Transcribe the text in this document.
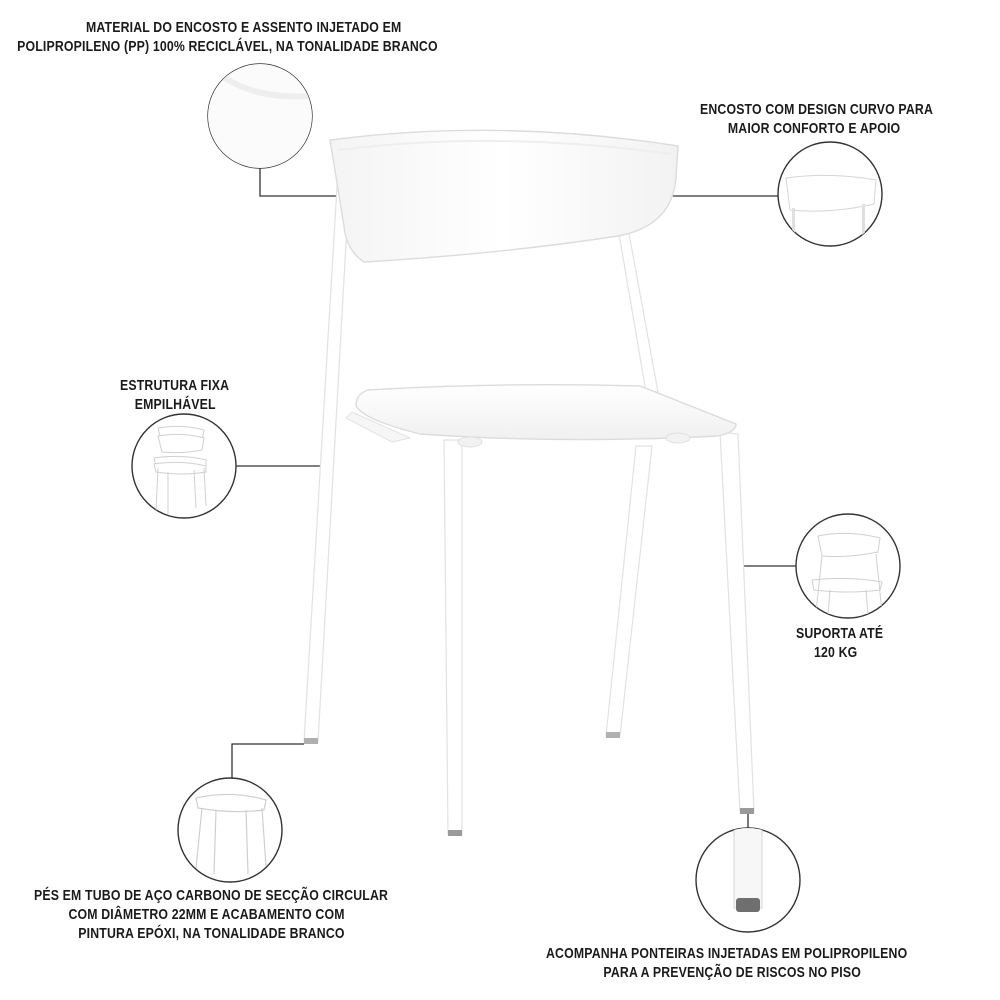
MATERIAL DO ENCOSTO E ASSENTO INJETADO EM
POLIPROPILENO (PP) 100% RECICLÁVEL, NA TONALIDADE BRANCO
ENCOSTO COM DESIGN CURVO PARA
MAIOR CONFORTO E APOIO
ESTRUTURA FIXA
EMPILHÁVEL
SUPORTA ATÉ
120 KG
PÉS EM TUBO DE AÇO CARBONO DE SECÇÃO CIRCULAR
COM DIÂMETRO 22MM E ACABAMENTO COM
PINTURA EPÓXI, NA TONALIDADE BRANCO
ACOMPANHA PONTEIRAS INJETADAS EM POLIPROPILENO
PARA A PREVENÇÃO DE RISCOS NO PISO
